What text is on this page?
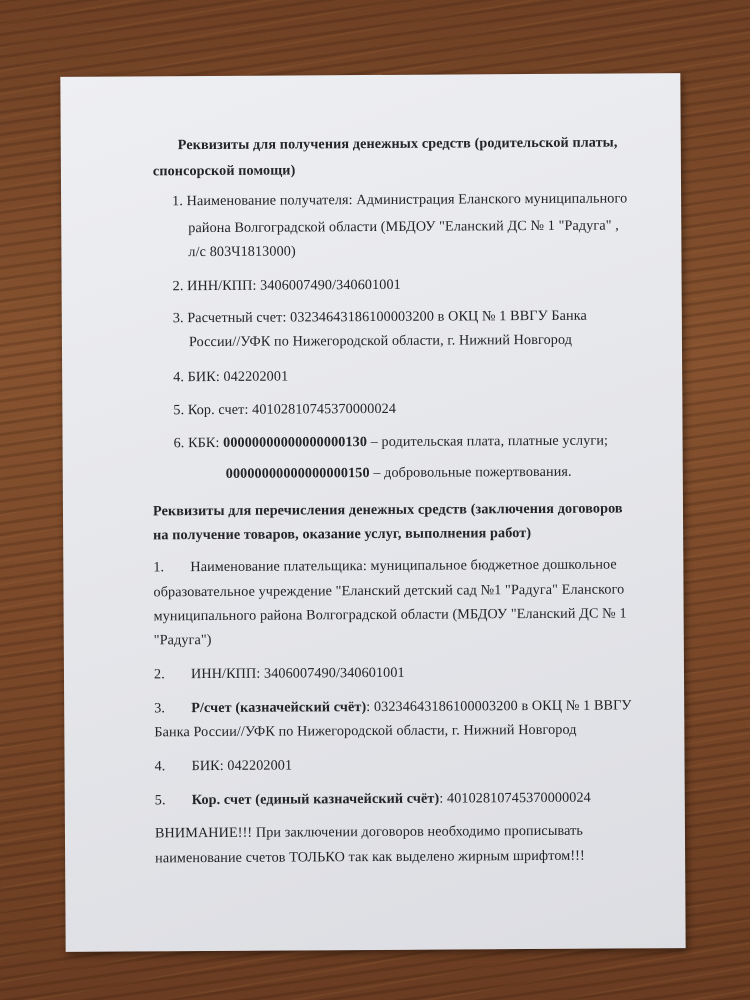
Реквизиты для получения денежных средств (родительской платы,
спонсорской помощи)
1. Наименование получателя: Администрация Еланского муниципального
района Волгоградской области (МБДОУ "Еланский ДС № 1 "Радуга" ,
л/с 803Ч1813000)
2. ИНН/КПП: 3406007490/340601001
3. Расчетный счет: 03234643186100003200 в ОКЦ № 1 ВВГУ Банка
России//УФК по Нижегородской области, г. Нижний Новгород
4. БИК: 042202001
5. Кор. счет: 40102810745370000024
6. КБК: 00000000000000000130 – родительская плата, платные услуги;
00000000000000000150 – добровольные пожертвования.
Реквизиты для перечисления денежных средств (заключения договоров
на получение товаров, оказание услуг, выполнения работ)
1. Наименование плательщика: муниципальное бюджетное дошкольное
образовательное учреждение "Еланский детский сад №1 "Радуга" Еланского
муниципального района Волгоградской области (МБДОУ "Еланский ДС № 1
"Радуга")
2. ИНН/КПП: 3406007490/340601001
3. Р/счет (казначейский счёт): 03234643186100003200 в ОКЦ № 1 ВВГУ
Банка России//УФК по Нижегородской области, г. Нижний Новгород
4. БИК: 042202001
5. Кор. счет (единый казначейский счёт): 40102810745370000024
ВНИМАНИЕ!!! При заключении договоров необходимо прописывать
наименование счетов ТОЛЬКО так как выделено жирным шрифтом!!!
